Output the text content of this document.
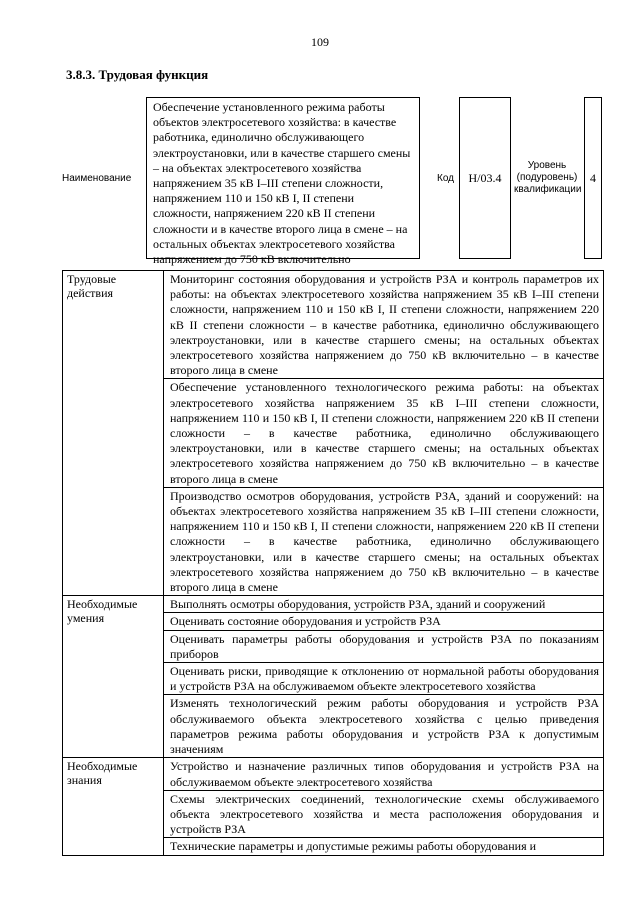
109
3.8.3. Трудовая функция
Наименование
Обеспечение установленного режима работы объектов электросетевого хозяйства: в качестве работника, единолично обслуживающего электроустановки, или в качестве старшего смены – на объектах электросетевого хозяйства напряжением 35 кВ I–III степени сложности, напряжением 110 и 150 кВ I, II степени сложности, напряжением 220 кВ II степени сложности и в качестве второго лица в смене – на остальных объектах электросетевого хозяйства напряжением до 750 кВ включительно
Код Н/03.4
Уровень (подуровень) квалификации
4
Трудовые действия
Мониторинг состояния оборудования и устройств РЗА и контроль параметров их работы: на объектах электросетевого хозяйства напряжением 35 кВ I–III степени сложности, напряжением 110 и 150 кВ I, II степени сложности, напряжением 220 кВ II степени сложности – в качестве работника, единолично обслуживающего электроустановки, или в качестве старшего смены; на остальных объектах электросетевого хозяйства напряжением до 750 кВ включительно – в качестве второго лица в смене
Обеспечение установленного технологического режима работы: на объектах электросетевого хозяйства напряжением 35 кВ I–III степени сложности, напряжением 110 и 150 кВ I, II степени сложности, напряжением 220 кВ II степени сложности – в качестве работника, единолично обслуживающего электроустановки, или в качестве старшего смены; на остальных объектах электросетевого хозяйства напряжением до 750 кВ включительно – в качестве второго лица в смене
Производство осмотров оборудования, устройств РЗА, зданий и сооружений: на объектах электросетевого хозяйства напряжением 35 кВ I–III степени сложности, напряжением 110 и 150 кВ I, II степени сложности, напряжением 220 кВ II степени сложности – в качестве работника, единолично обслуживающего электроустановки, или в качестве старшего смены; на остальных объектах электросетевого хозяйства напряжением до 750 кВ включительно – в качестве второго лица в смене
Необходимые умения
Выполнять осмотры оборудования, устройств РЗА, зданий и сооружений
Оценивать состояние оборудования и устройств РЗА
Оценивать параметры работы оборудования и устройств РЗА по показаниям приборов
Оценивать риски, приводящие к отклонению от нормальной работы оборудования и устройств РЗА на обслуживаемом объекте электросетевого хозяйства
Изменять технологический режим работы оборудования и устройств РЗА обслуживаемого объекта электросетевого хозяйства с целью приведения параметров режима работы оборудования и устройств РЗА к допустимым значениям
Необходимые знания
Устройство и назначение различных типов оборудования и устройств РЗА на обслуживаемом объекте электросетевого хозяйства
Схемы электрических соединений, технологические схемы обслуживаемого объекта электросетевого хозяйства и места расположения оборудования и устройств РЗА
Технические параметры и допустимые режимы работы оборудования и
